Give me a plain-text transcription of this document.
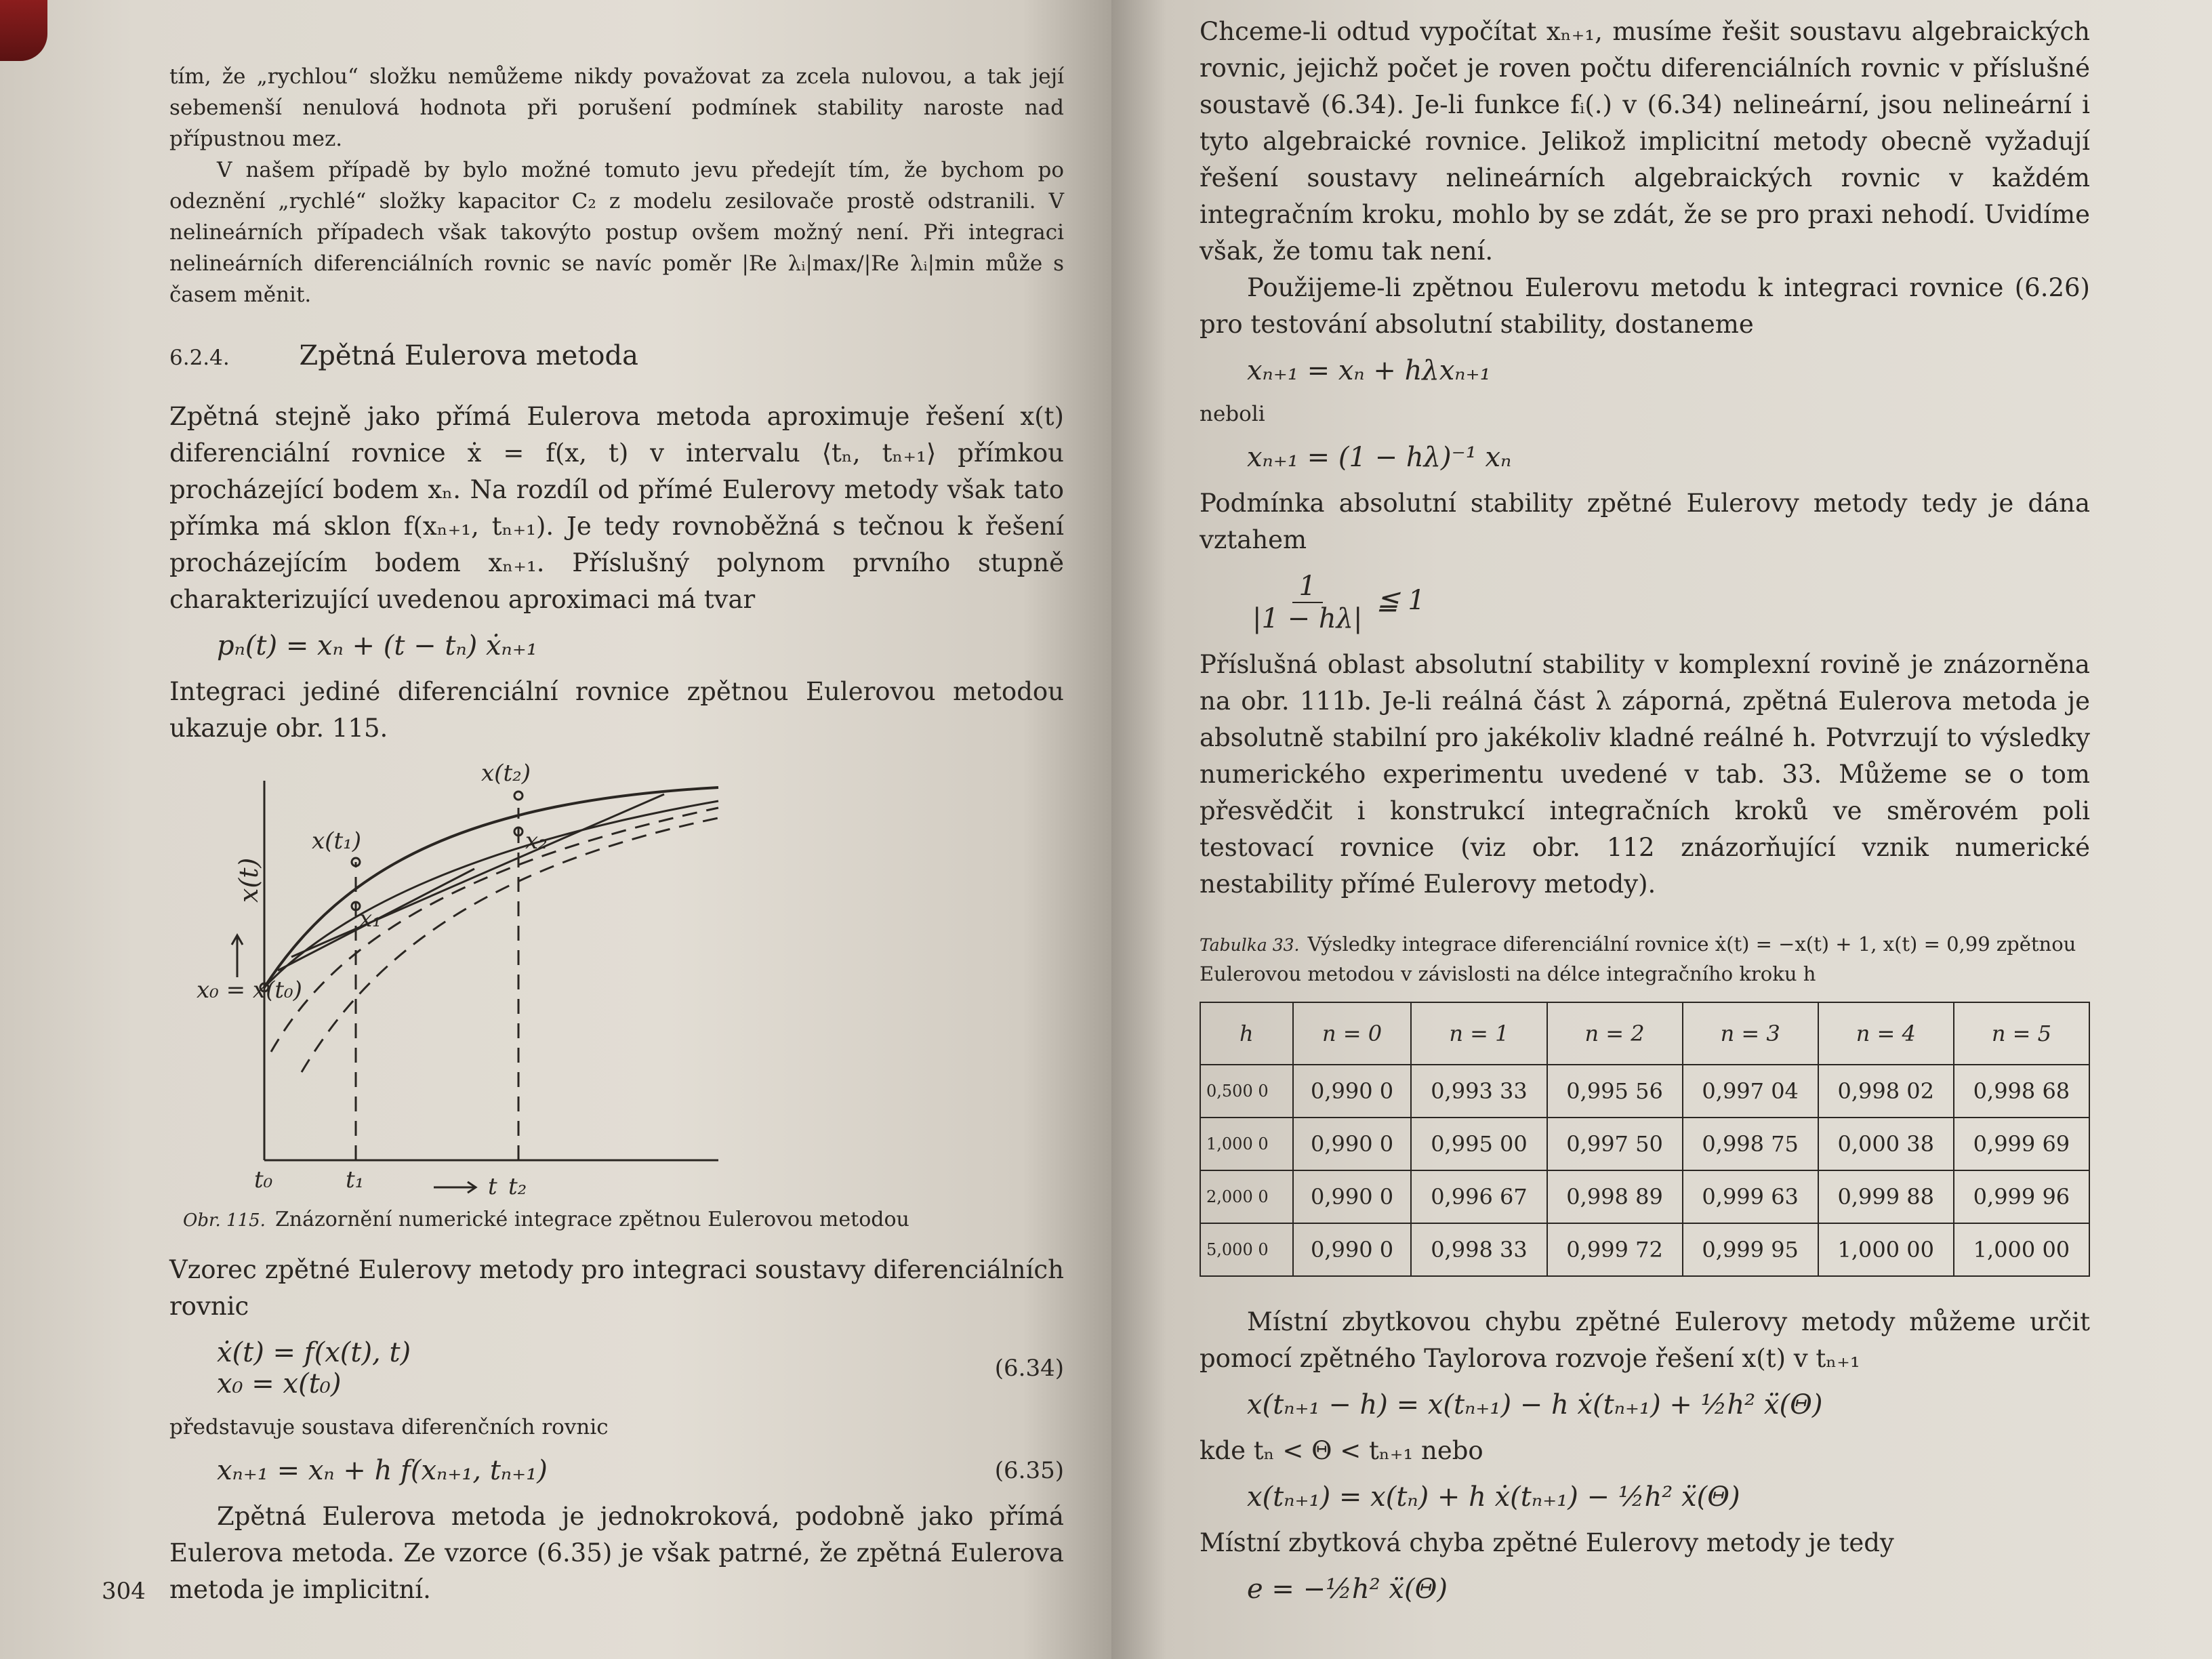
tím, že „rychlou“ složku nemůžeme nikdy považovat za zcela nulovou, a tak její sebemenší nenulová hodnota při porušení podmínek stability naroste nad přípustnou mez.

V našem případě by bylo možné tomuto jevu předejít tím, že bychom po odeznění „rychlé“ složky kapacitor C₂ z modelu zesilovače prostě odstranili. V nelineárních případech však takovýto postup ovšem možný není. Při integraci nelineárních diferenciálních rovnic se navíc poměr |Re λᵢ|max/|Re λᵢ|min může s časem měnit.

6.2.4.	Zpětná Eulerova metoda

Zpětná stejně jako přímá Eulerova metoda aproximuje řešení x(t) diferenciální rovnice ẋ = f(x, t) v intervalu ⟨tₙ, tₙ₊₁⟩ přímkou procházející bodem xₙ. Na rozdíl od přímé Eulerovy metody však tato přímka má sklon f(xₙ₊₁, tₙ₊₁). Je tedy rovnoběžná s tečnou k řešení procházejícím bodem xₙ₊₁. Příslušný polynom prvního stupně charakterizující uvedenou aproximaci má tvar

pₙ(t) = xₙ + (t − tₙ) ẋₙ₊₁

Integraci jediné diferenciální rovnice zpětnou Eulerovou metodou ukazuje obr. 115.

x(t)
x₀ = x(t₀)
x(t₁)
x₁
x(t₂)
x₂
t₀	t₁	t₂
t
Obr. 115. Znázornění numerické integrace zpětnou Eulerovou metodou

Vzorec zpětné Eulerovy metody pro integraci soustavy diferenciálních rovnic

ẋ(t) = f(x(t), t)
x₀ = x(t₀)	(6.34)

představuje soustava diferenčních rovnic

xₙ₊₁ = xₙ + h f(xₙ₊₁, tₙ₊₁)	(6.35)

Zpětná Eulerova metoda je jednokroková, podobně jako přímá Eulerova metoda. Ze vzorce (6.35) je však patrné, že zpětná Eulerova metoda je implicitní.

304

Chceme-li odtud vypočítat xₙ₊₁, musíme řešit soustavu algebraických rovnic, jejichž počet je roven počtu diferenciálních rovnic v příslušné soustavě (6.34). Je-li funkce fᵢ(.) v (6.34) nelineární, jsou nelineární i tyto algebraické rovnice. Jelikož implicitní metody obecně vyžadují řešení soustavy nelineárních algebraických rovnic v každém integračním kroku, mohlo by se zdát, že se pro praxi nehodí. Uvidíme však, že tomu tak není.

Použijeme-li zpětnou Eulerovu metodu k integraci rovnice (6.26) pro testování absolutní stability, dostaneme

xₙ₊₁ = xₙ + hλxₙ₊₁

neboli

xₙ₊₁ = (1 − hλ)⁻¹ xₙ

Podmínka absolutní stability zpětné Eulerovy metody tedy je dána vztahem

$\frac{1}{|1 - h\lambda|}$ ≦ 1

Příslušná oblast absolutní stability v komplexní rovině je znázorněna na obr. 111b. Je-li reálná část λ záporná, zpětná Eulerova metoda je absolutně stabilní pro jakékoliv kladné reálné h. Potvrzují to výsledky numerického experimentu uvedené v tab. 33. Můžeme se o tom přesvědčit i konstrukcí integračních kroků ve směrovém poli testovací rovnice (viz obr. 112 znázorňující vznik numerické nestability přímé Eulerovy metody).

Tabulka 33. Výsledky integrace diferenciální rovnice ẋ(t) = −x(t) + 1, x(t) = 0,99 zpětnou Eulerovou metodou v závislosti na délce integračního kroku h
h	n = 0	n = 1	n = 2	n = 3	n = 4	n = 5
0,500 0	0,990 0	0,993 33	0,995 56	0,997 04	0,998 02	0,998 68
1,000 0	0,990 0	0,995 00	0,997 50	0,998 75	0,000 38	0,999 69
2,000 0	0,990 0	0,996 67	0,998 89	0,999 63	0,999 88	0,999 96
5,000 0	0,990 0	0,998 33	0,999 72	0,999 95	1,000 00	1,000 00

Místní zbytkovou chybu zpětné Eulerovy metody můžeme určit pomocí zpětného Taylorova rozvoje řešení x(t) v tₙ₊₁

x(tₙ₊₁ − h) = x(tₙ₊₁) − h ẋ(tₙ₊₁) + ½h² ẍ(Θ)

kde tₙ < Θ < tₙ₊₁ nebo

x(tₙ₊₁) = x(tₙ) + h ẋ(tₙ₊₁) − ½h² ẍ(Θ)

Místní zbytková chyba zpětné Eulerovy metody je tedy

e = −½h² ẍ(Θ)
